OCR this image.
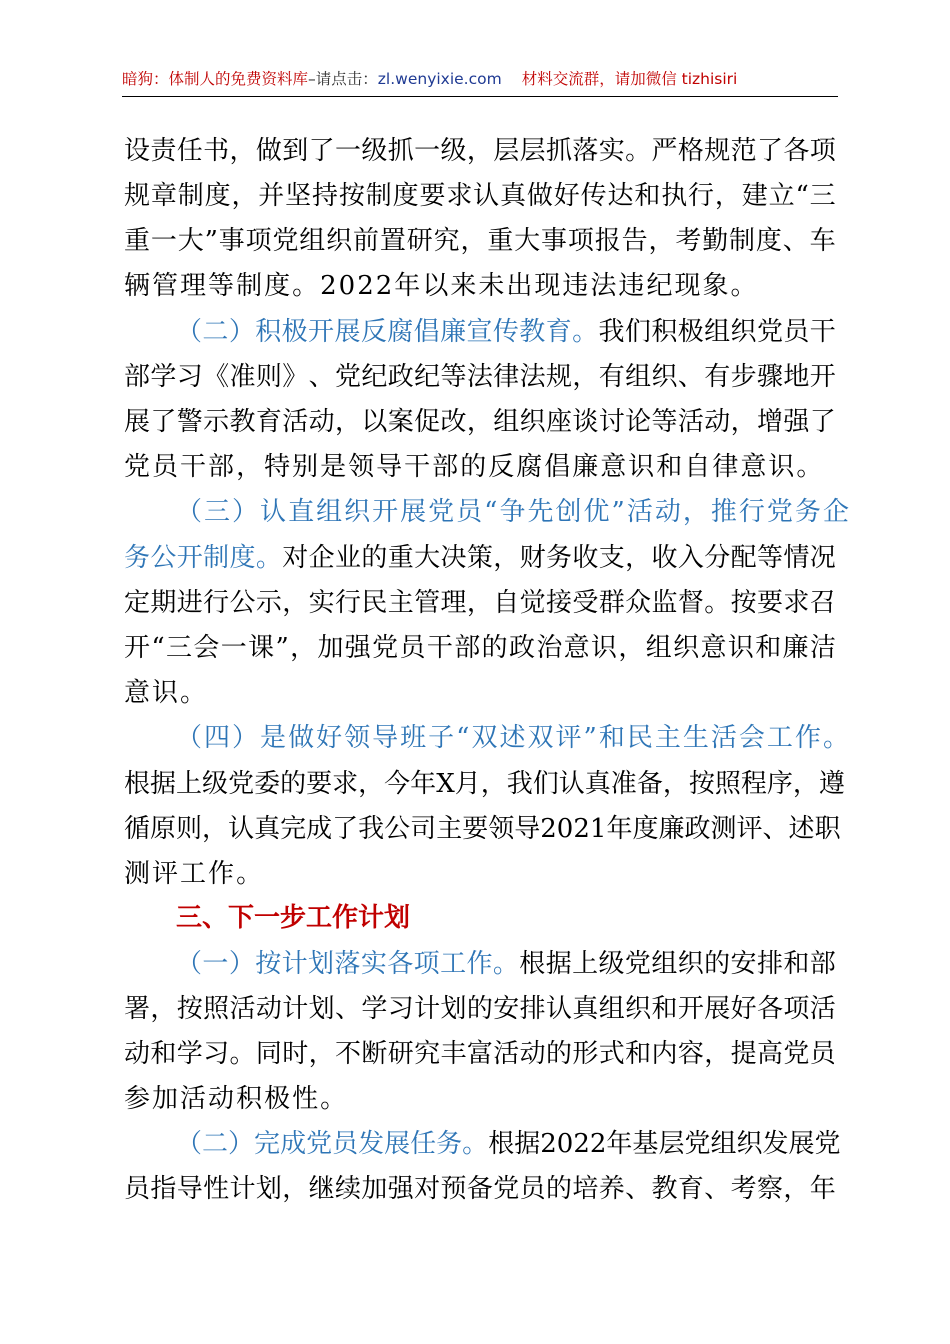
暗狗：体制人的免费资料库–请点击：zl.wenyixie.com 材料交流群，请加微信 tizhisiri
设 责 任 书 ， 做 到 了 一 级 抓 一 级 ， 层 层 抓 落 实 。 严 格 规 范 了 各 项
规 章 制 度 ， 并 坚 持 按 制 度 要 求 认 真 做 好 传 达 和 执 行 ， 建 立 “ 三
重 一 大 ” 事 项 党 组 织 前 置 研 究 ， 重 大 事 项 报 告 ， 考 勤 制 度 、 车
辆 管 理 等 制 度 。 2 0 2 2 年 以 来 未 出 现 违 法 违 纪 现 象 。
（ 二 ） 积 极 开 展 反 腐 倡 廉 宣 传 教 育 。 我 们 积 极 组 织 党 员 干
部 学 习 《 准 则 》 、 党 纪 政 纪 等 法 律 法 规 ， 有 组 织 、 有 步 骤 地 开
展 了 警 示 教 育 活 动 ， 以 案 促 改 ， 组 织 座 谈 讨 论 等 活 动 ， 增 强 了
党 员 干 部 ， 特 别 是 领 导 干 部 的 反 腐 倡 廉 意 识 和 自 律 意 识 。
（ 三 ） 认 直 组 织 开 展 党 员 “ 争 先 创 优 ” 活 动 ， 推 行 党 务 企
务 公 开 制 度 。 对 企 业 的 重 大 决 策 ， 财 务 收 支 ， 收 入 分 配 等 情 况
定 期 进 行 公 示 ， 实 行 民 主 管 理 ， 自 觉 接 受 群 众 监 督 。 按 要 求 召
开 “ 三 会 一 课 ” ， 加 强 党 员 干 部 的 政 治 意 识 ， 组 织 意 识 和 廉 洁
意 识 。
（ 四 ） 是 做 好 领 导 班 子 “ 双 述 双 评 ” 和 民 主 生 活 会 工 作 。
根 据 上 级 党 委 的 要 求 ， 今 年 X 月 ， 我 们 认 真 准 备 ， 按 照 程 序 ， 遵
循 原 则 ， 认 真 完 成 了 我 公 司 主 要 领 导 2 0 2 1 年 度 廉 政 测 评 、 述 职
测 评 工 作 。
三、下一步工作计划
（ 一 ） 按 计 划 落 实 各 项 工 作 。 根 据 上 级 党 组 织 的 安 排 和 部
署 ， 按 照 活 动 计 划 、 学 习 计 划 的 安 排 认 真 组 织 和 开 展 好 各 项 活
动 和 学 习 。 同 时 ， 不 断 研 究 丰 富 活 动 的 形 式 和 内 容 ， 提 高 党 员
参 加 活 动 积 极 性 。
（ 二 ） 完 成 党 员 发 展 任 务 。 根 据 2 0 2 2 年 基 层 党 组 织 发 展 党
员 指 导 性 计 划 ， 继 续 加 强 对 预 备 党 员 的 培 养 、 教 育 、 考 察 ， 年
